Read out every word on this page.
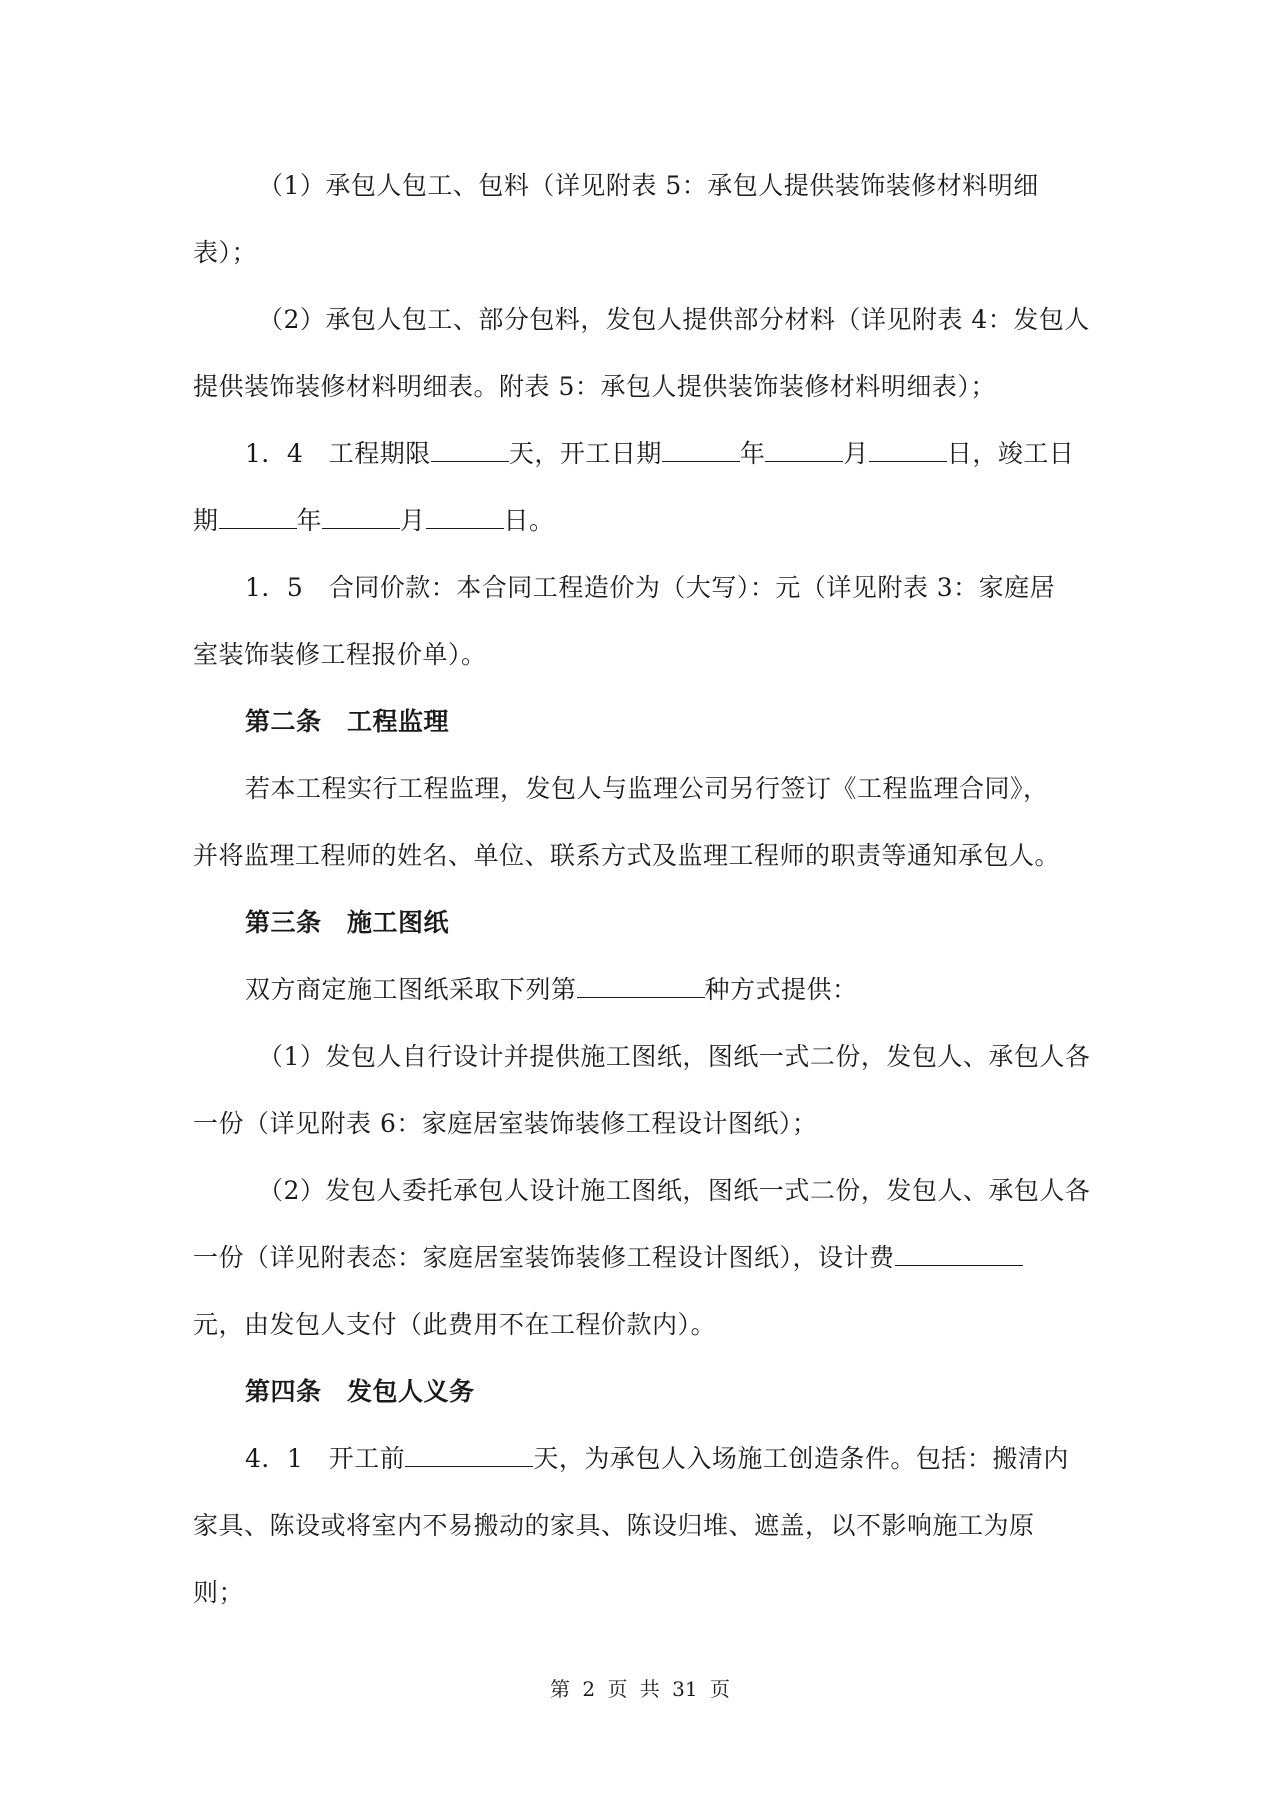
（1）承包人包工、包料（详见附表 5：承包人提供装饰装修材料明细
表）；
（2）承包人包工、部分包料，发包人提供部分材料（详见附表 4：发包人
提供装饰装修材料明细表。附表 5：承包人提供装饰装修材料明细表）；
1．4　工程期限	天，开工日期	年	月	日，竣工日
期	年	月	日。
1．5　合同价款：本合同工程造价为（大写）：元（详见附表 3：家庭居
室装饰装修工程报价单）。
第二条　工程监理
若本工程实行工程监理，发包人与监理公司另行签订《工程监理合同》，
并将监理工程师的姓名、单位、联系方式及监理工程师的职责等通知承包人。
第三条　施工图纸
双方商定施工图纸采取下列第	种方式提供：
（1）发包人自行设计并提供施工图纸，图纸一式二份，发包人、承包人各
一份（详见附表 6：家庭居室装饰装修工程设计图纸）；
（2）发包人委托承包人设计施工图纸，图纸一式二份，发包人、承包人各
一份（详见附表态：家庭居室装饰装修工程设计图纸），设计费
元，由发包人支付（此费用不在工程价款内）。
第四条　发包人义务
4．1　开工前	天，为承包人入场施工创造条件。包括：搬清内
家具、陈设或将室内不易搬动的家具、陈设归堆、遮盖，以不影响施工为原
则；
第 2 页 共 31 页
